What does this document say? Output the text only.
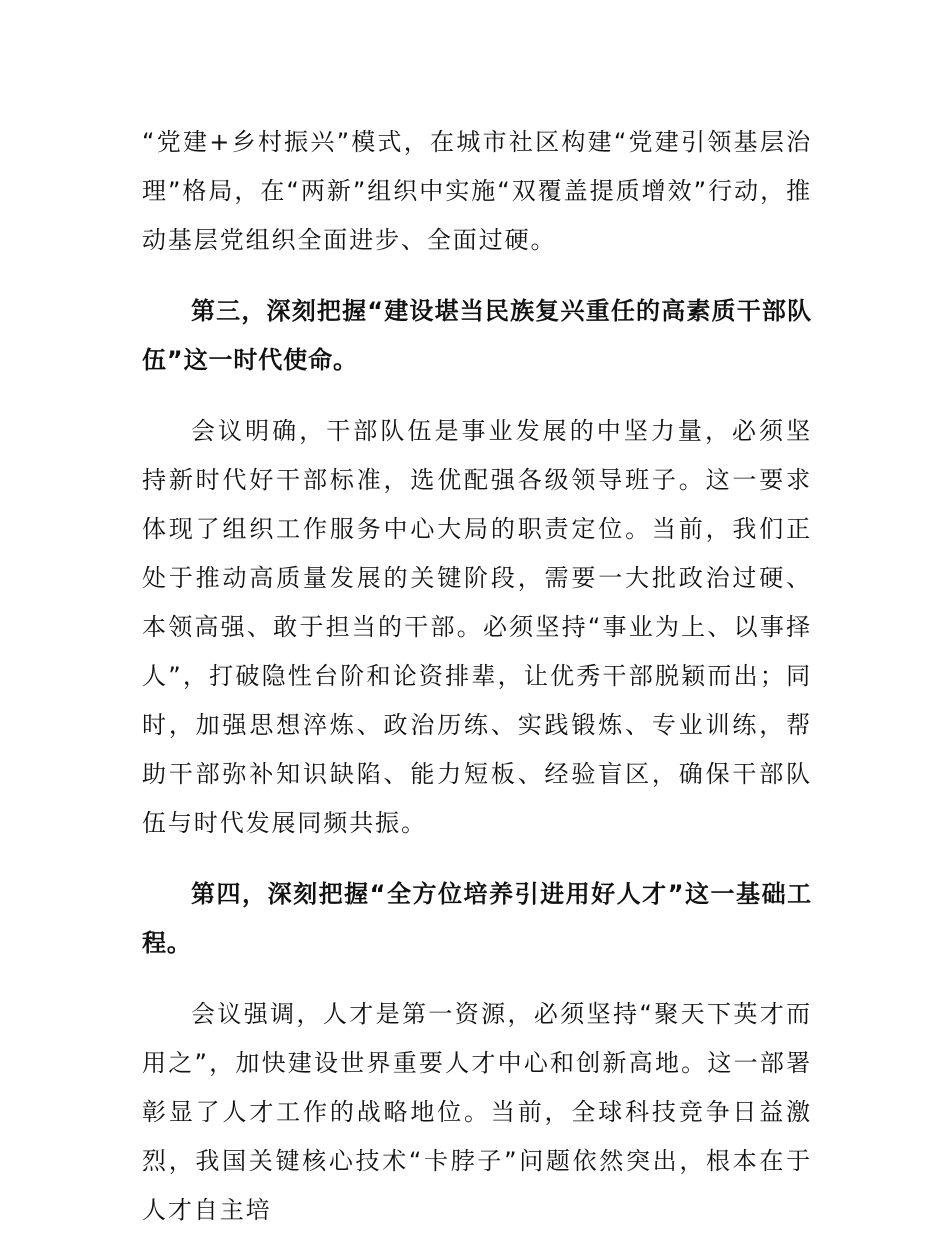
“党建+乡村振兴”模式，在城市社区构建“党建引领基层治理”格局，在“两新”组织中实施“双覆盖提质增效”行动，推动基层党组织全面进步、全面过硬。

第三，深刻把握“建设堪当民族复兴重任的高素质干部队伍”这一时代使命。

会议明确，干部队伍是事业发展的中坚力量，必须坚持新时代好干部标准，选优配强各级领导班子。这一要求体现了组织工作服务中心大局的职责定位。当前，我们正处于推动高质量发展的关键阶段，需要一大批政治过硬、本领高强、敢于担当的干部。必须坚持“事业为上、以事择人”，打破隐性台阶和论资排辈，让优秀干部脱颖而出；同时，加强思想淬炼、政治历练、实践锻炼、专业训练，帮助干部弥补知识缺陷、能力短板、经验盲区，确保干部队伍与时代发展同频共振。

第四，深刻把握“全方位培养引进用好人才”这一基础工程。

会议强调，人才是第一资源，必须坚持“聚天下英才而用之”，加快建设世界重要人才中心和创新高地。这一部署彰显了人才工作的战略地位。当前，全球科技竞争日益激烈，我国关键核心技术“卡脖子”问题依然突出，根本在于人才自主培
